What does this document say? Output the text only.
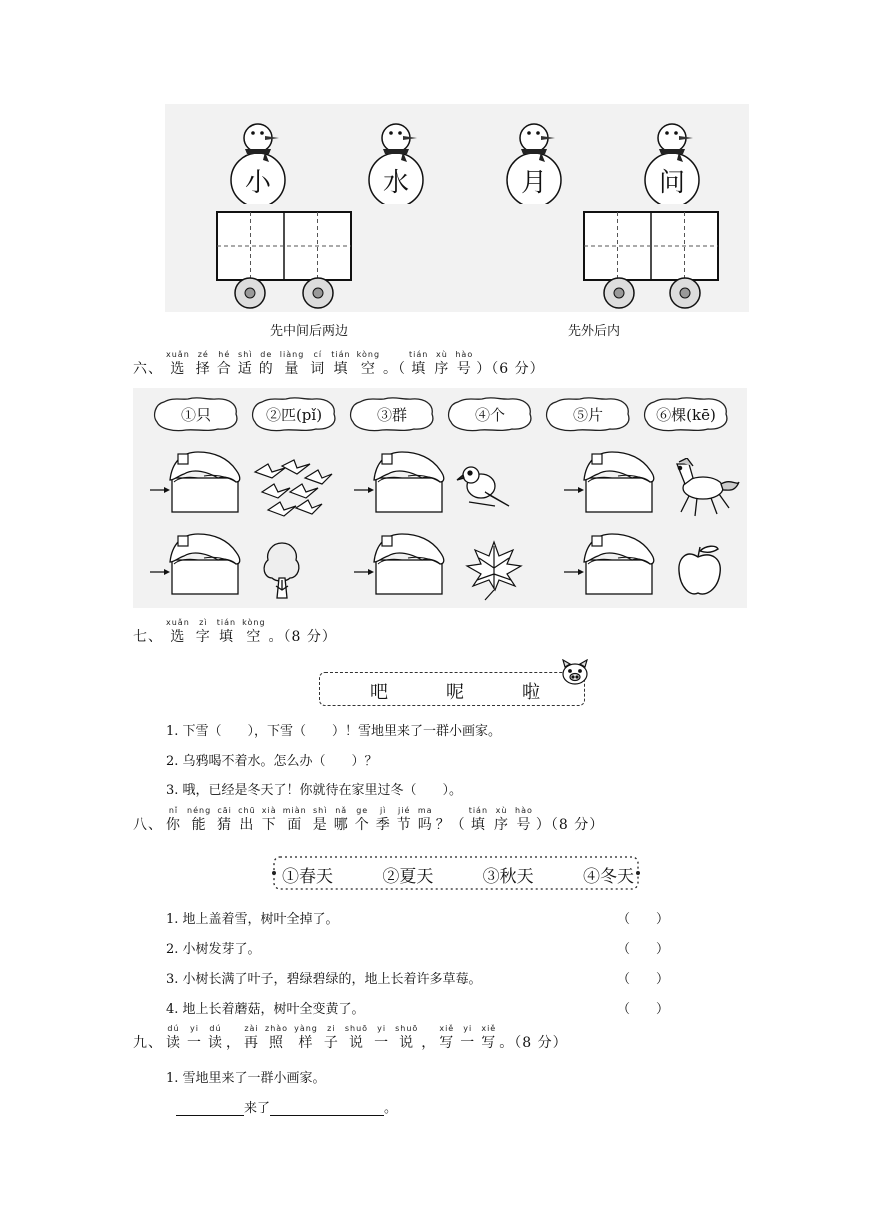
小	水	月	问
先中间后两边	先外后内
六、
xuǎn
选
zé
择
hé
合
shì
适
de
的
liàng
量
cí
词
tián
填
kòng
空 。（
tián
填
xù
序
hào
号 ）（6 分）
①只	②匹(pǐ)	③群	④个	⑤片	⑥棵(kē)
七、
xuǎn
选
zì
字
tián
填
kòng
空 。（8 分）
吧	呢	啦
1. 下雪（　　），下雪（　　）！雪地里来了一群小画家。
2. 乌鸦喝不着水。怎么办（　　）？
3. 哦，已经是冬天了！你就待在家里过冬（　　）。
八、
nǐ
你
néng
能
cāi
猜
chū
出
xià
下
miàn
面
shì
是
nǎ
哪
ge
个
jì
季
jié
节
ma
吗 ？（
tián
填
xù
序
hào
号 ）（8 分）
①春天	②夏天	③秋天	④冬天
1. 地上盖着雪，树叶全掉了。	（　　）
2. 小树发芽了。	（　　）
3. 小树长满了叶子，碧绿碧绿的，地上长着许多草莓。	（　　）
4. 地上长着蘑菇，树叶全变黄了。	（　　）
九、
dú
读
yi
一
dú
读 ，
zài
再
zhào
照
yàng
样
zi
子
shuō
说
yi
一
shuō
说 ，
xiě
写
yi
一
xiě
写 。（8 分）
1. 雪地里来了一群小画家。
来了	。
